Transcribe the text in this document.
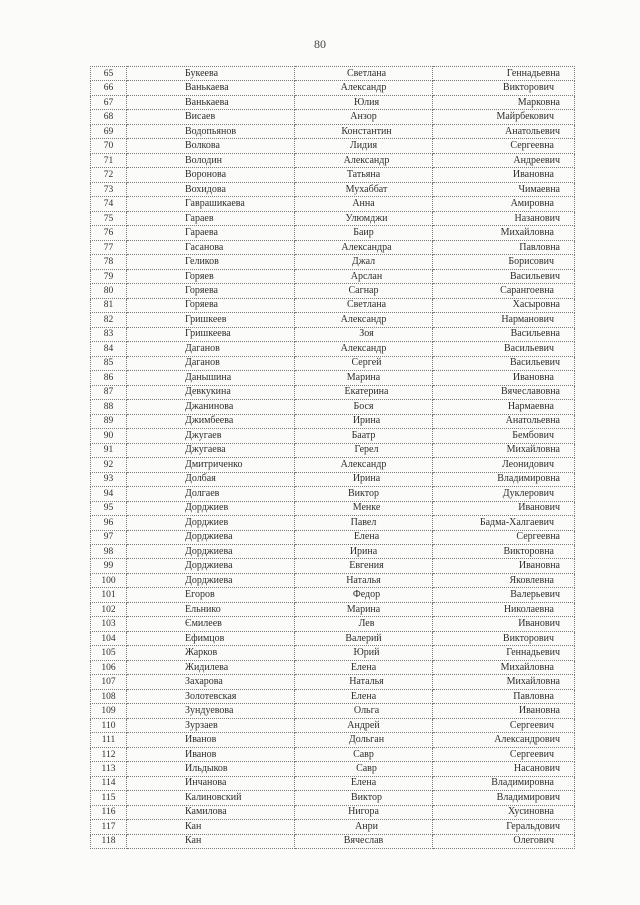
80
65	Букеева	Светлана	Геннадьевна
66	Ванькаева	Александр	Викторович
67	Ванькаева	Юлия	Марковна
68	Висаев	Анзор	Майрбекович
69	Водопьянов	Константин	Анатольевич
70	Волкова	Лидия	Сергеевна
71	Володин	Александр	Андреевич
72	Воронова	Татьяна	Ивановна
73	Вохидова	Мухаббат	Чимаевна
74	Гаврашикаева	Анна	Амировна
75	Гараев	Улюмджи	Назанович
76	Гараева	Баир	Михайловна
77	Гасанова	Александра	Павловна
78	Геликов	Джал	Борисович
79	Горяев	Арслан	Васильевич
80	Горяева	Сагнар	Сарангоевна
81	Горяева	Светлана	Хасыровна
82	Гришкеев	Александр	Нарманович
83	Гришкеева	Зоя	Васильевна
84	Даганов	Александр	Васильевич
85	Даганов	Сергей	Васильевич
86	Данышина	Марина	Ивановна
87	Девкукина	Екатерина	Вячеславовна
88	Джанинова	Бося	Нармаевна
89	Джимбеева	Ирина	Анатольевна
90	Джугаев	Баатр	Бембович
91	Джугаева	Герел	Михайловна
92	Дмитриченко	Александр	Леонидович
93	Долбая	Ирина	Владимировна
94	Долгаев	Виктор	Дуклерович
95	Дорджиев	Менке	Иванович
96	Дорджиев	Павел	Бадма-Халгаевич
97	Дорджиева	Елена	Сергеевна
98	Дорджиева	Ирина	Викторовна
99	Дорджиева	Евгения	Ивановна
100	Дорджиева	Наталья	Яковлевна
101	Егоров	Федор	Валерьевич
102	Ельнико	Марина	Николаевна
103	Ємилеев	Лев	Иванович
104	Ефимцов	Валерий	Викторович
105	Жарков	Юрий	Геннадьевич
106	Жидилева	Елена	Михайловна
107	Захарова	Наталья	Михайловна
108	Золотевская	Елена	Павловна
109	Зундуевова	Ольга	Ивановна
110	Зурзаев	Андрей	Сергеевич
111	Иванов	Дольган	Александрович
112	Иванов	Савр	Сергеевич
113	Ильдыков	Савр	Насанович
114	Инчанова	Елена	Владимировна
115	Калиновский	Виктор	Владимирович
116	Камилова	Нигора	Хусиновна
117	Кан	Анри	Геральдович
118	Кан	Вячеслав	Олегович
